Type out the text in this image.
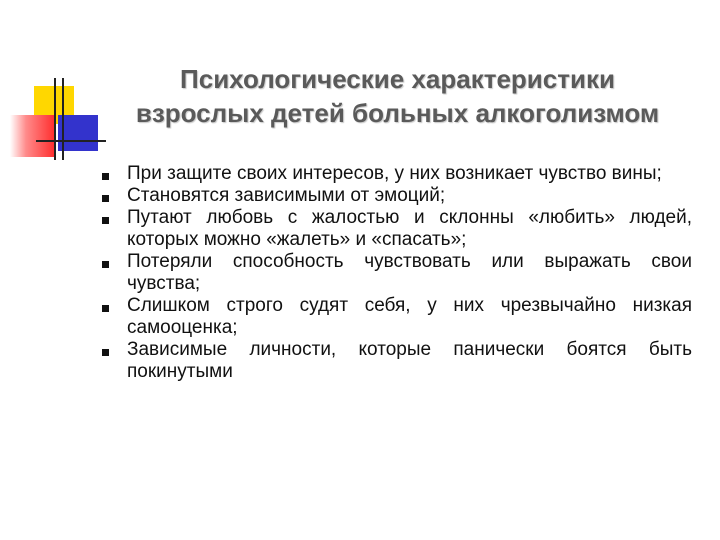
Психологические характеристики
взрослых детей больных алкоголизмом
При защите своих интересов, у них возникает чувство вины;
Становятся зависимыми от эмоций;
Путают любовь с жалостью и склонны «любить» людей, которых можно «жалеть» и «спасать»;
Потеряли способность чувствовать или выражать свои чувства;
Слишком строго судят себя, у них чрезвычайно низкая самооценка;
Зависимые личности, которые панически боятся быть покинутыми
